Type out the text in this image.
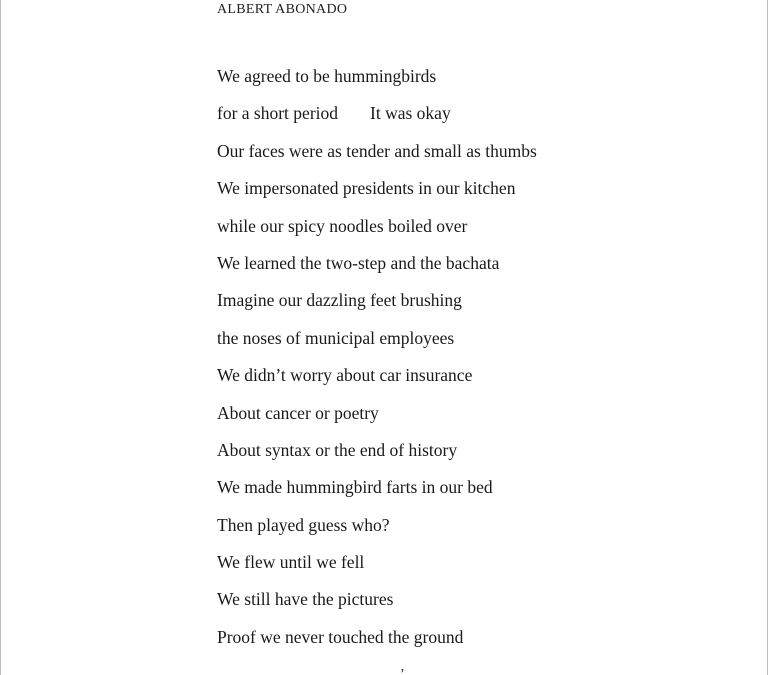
ALBERT ABONADO
We agreed to be hummingbirds
for a short period It was okay
Our faces were as tender and small as thumbs
We impersonated presidents in our kitchen
while our spicy noodles boiled over
We learned the two-step and the bachata
Imagine our dazzling feet brushing
the noses of municipal employees
We didn’t worry about car insurance
About cancer or poetry
About syntax or the end of history
We made hummingbird farts in our bed
Then played guess who?
We flew until we fell
We still have the pictures
Proof we never touched the ground
’
